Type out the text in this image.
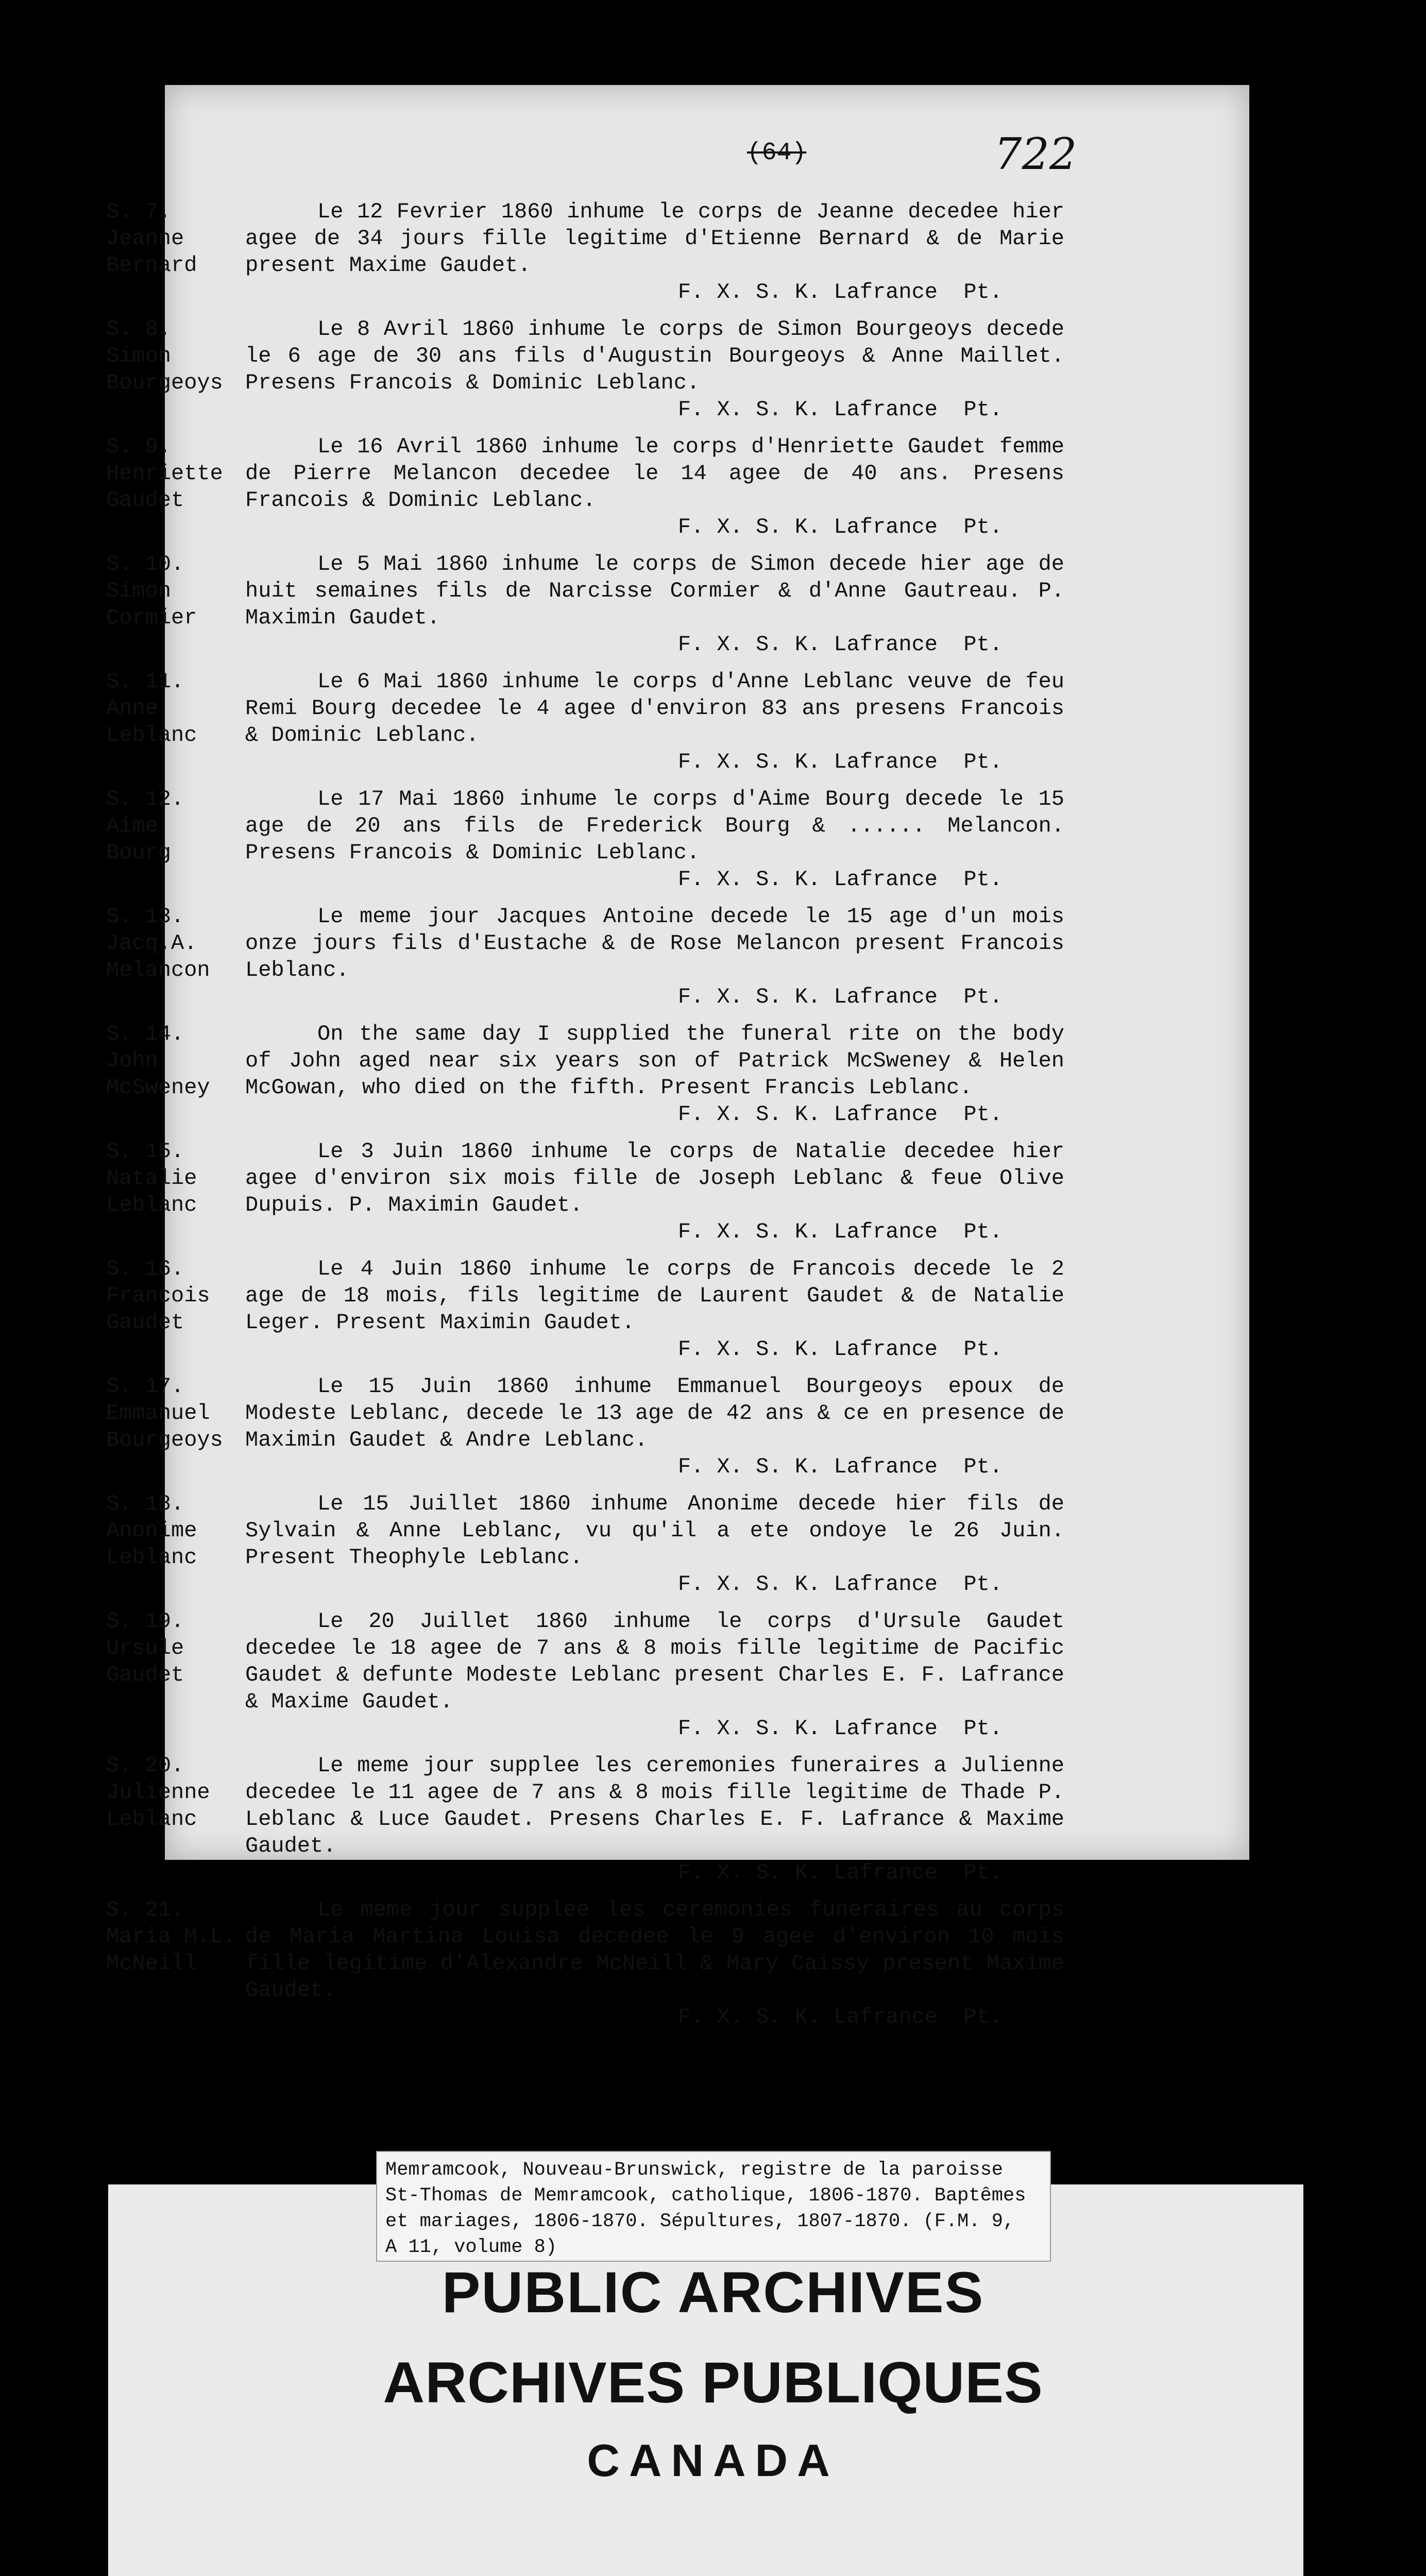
(64)	722
S. 7.
Jeanne
Bernard
Le 12 Fevrier 1860 inhume le corps de Jeanne decedee hier agee de 34 jours fille legitime d'Etienne Bernard & de Marie present Maxime Gaudet.
F. X. S. K. Lafrance  Pt.
S. 8.
Simon
Bourgeoys
Le 8 Avril 1860 inhume le corps de Simon Bourgeoys decede le 6 age de 30 ans fils d'Augustin Bourgeoys & Anne Maillet. Presens Francois & Dominic Leblanc.
F. X. S. K. Lafrance  Pt.
S. 9.
Henriette
Gaudet
Le 16 Avril 1860 inhume le corps d'Henriette Gaudet femme de Pierre Melancon decedee le 14 agee de 40 ans. Presens Francois & Dominic Leblanc.
F. X. S. K. Lafrance  Pt.
S. 10.
Simon
Cormier
Le 5 Mai 1860 inhume le corps de Simon decede hier age de huit semaines fils de Narcisse Cormier & d'Anne Gautreau. P. Maximin Gaudet.
F. X. S. K. Lafrance  Pt.
S. 11.
Anne
Leblanc
Le 6 Mai 1860 inhume le corps d'Anne Leblanc veuve de feu Remi Bourg decedee le 4 agee d'environ 83 ans presens Francois & Dominic Leblanc.
F. X. S. K. Lafrance  Pt.
S. 12.
Aime
Bourg
Le 17 Mai 1860 inhume le corps d'Aime Bourg decede le 15 age de 20 ans fils de Frederick Bourg & ...... Melancon. Presens Francois & Dominic Leblanc.
F. X. S. K. Lafrance  Pt.
S. 13.
Jacq.A.
Melancon
Le meme jour Jacques Antoine decede le 15 age d'un mois onze jours fils d'Eustache & de Rose Melancon present Francois Leblanc.
F. X. S. K. Lafrance  Pt.
S. 14.
John
McSweney
On the same day I supplied the funeral rite on the body of John aged near six years son of Patrick McSweney & Helen McGowan, who died on the fifth. Present Francis Leblanc.
F. X. S. K. Lafrance  Pt.
S. 15.
Natalie
Leblanc
Le 3 Juin 1860 inhume le corps de Natalie decedee hier agee d'environ six mois fille de Joseph Leblanc & feue Olive Dupuis. P. Maximin Gaudet.
F. X. S. K. Lafrance  Pt.
S. 16.
Francois
Gaudet
Le 4 Juin 1860 inhume le corps de Francois decede le 2 age de 18 mois, fils legitime de Laurent Gaudet & de Natalie Leger. Present Maximin Gaudet.
F. X. S. K. Lafrance  Pt.
S. 17.
Emmanuel
Bourgeoys
Le 15 Juin 1860 inhume Emmanuel Bourgeoys epoux de Modeste Leblanc, decede le 13 age de 42 ans & ce en presence de Maximin Gaudet & Andre Leblanc.
F. X. S. K. Lafrance  Pt.
S. 18.
Anonime
Leblanc
Le 15 Juillet 1860 inhume Anonime decede hier fils de Sylvain & Anne Leblanc, vu qu'il a ete ondoye le 26 Juin. Present Theophyle Leblanc.
F. X. S. K. Lafrance  Pt.
S. 19.
Ursule
Gaudet
Le 20 Juillet 1860 inhume le corps d'Ursule Gaudet decedee le 18 agee de 7 ans & 8 mois fille legitime de Pacific Gaudet & defunte Modeste Leblanc present Charles E. F. Lafrance & Maxime Gaudet.
F. X. S. K. Lafrance  Pt.
S. 20.
Julienne
Leblanc
Le meme jour supplee les ceremonies funeraires a Julienne decedee le 11 agee de 7 ans & 8 mois fille legitime de Thade P. Leblanc & Luce Gaudet. Presens Charles E. F. Lafrance & Maxime Gaudet.
F. X. S. K. Lafrance  Pt.
S. 21.
Maria M.L.
McNeill
Le meme jour supplee les ceremonies funeraires au corps de Maria Martina Louisa decedee le 9 agee d'environ 10 mois fille legitime d'Alexandre McNeill & Mary Caissy present Maxime Gaudet.
F. X. S. K. Lafrance  Pt.
Memramcook, Nouveau-Brunswick, registre de la paroisse
St-Thomas de Memramcook, catholique, 1806-1870. Baptêmes
et mariages, 1806-1870. Sépultures, 1807-1870. (F.M. 9,
A 11, volume 8)
PUBLIC ARCHIVES
ARCHIVES PUBLIQUES
CANADA
